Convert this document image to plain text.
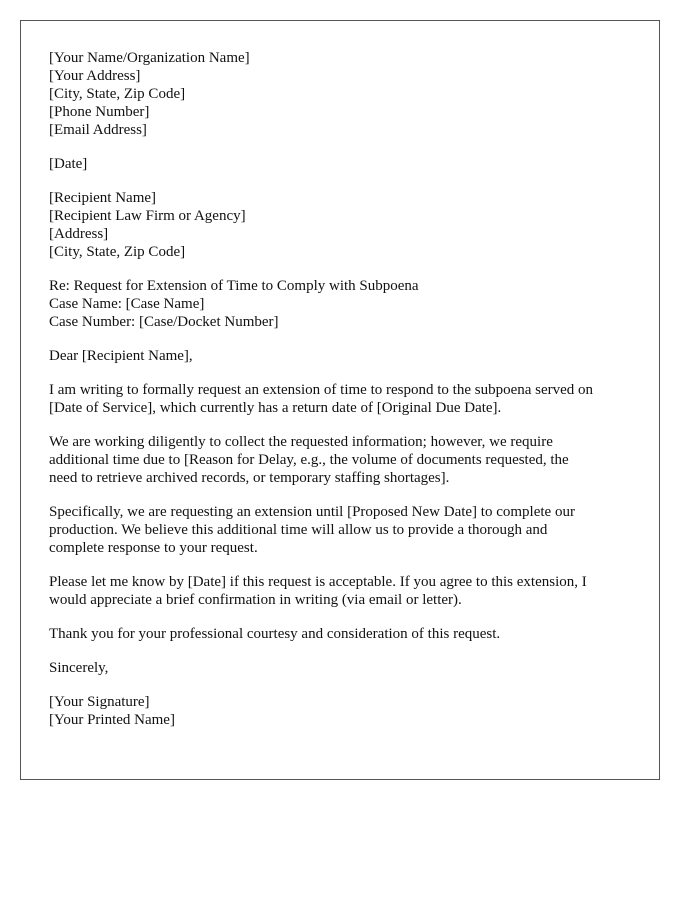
[Your Name/Organization Name]
[Your Address]
[City, State, Zip Code]
[Phone Number]
[Email Address]
[Date]
[Recipient Name]
[Recipient Law Firm or Agency]
[Address]
[City, State, Zip Code]
Re: Request for Extension of Time to Comply with Subpoena
Case Name: [Case Name]
Case Number: [Case/Docket Number]
Dear [Recipient Name],
I am writing to formally request an extension of time to respond to the subpoena served on
[Date of Service], which currently has a return date of [Original Due Date].
We are working diligently to collect the requested information; however, we require
additional time due to [Reason for Delay, e.g., the volume of documents requested, the
need to retrieve archived records, or temporary staffing shortages].
Specifically, we are requesting an extension until [Proposed New Date] to complete our
production. We believe this additional time will allow us to provide a thorough and
complete response to your request.
Please let me know by [Date] if this request is acceptable. If you agree to this extension, I
would appreciate a brief confirmation in writing (via email or letter).
Thank you for your professional courtesy and consideration of this request.
Sincerely,
[Your Signature]
[Your Printed Name]
